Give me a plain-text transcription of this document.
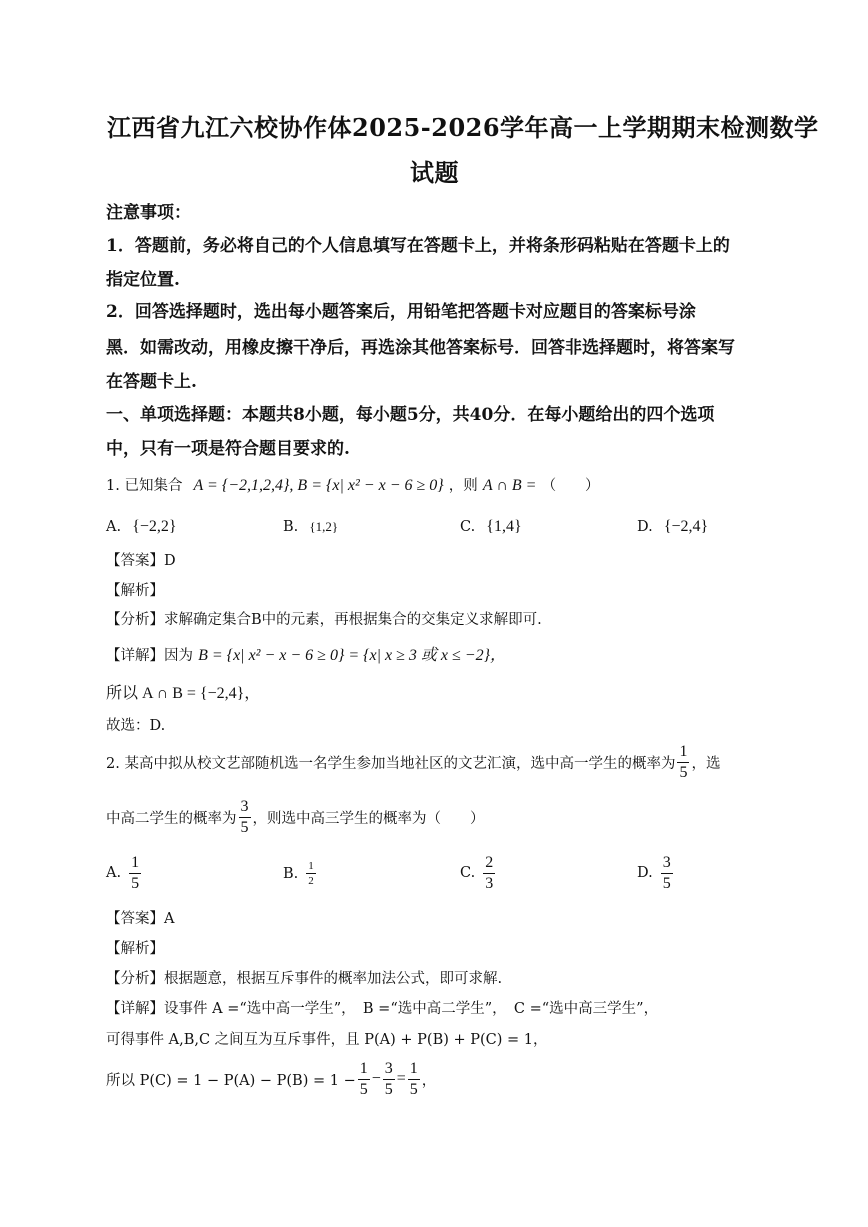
江西省九江六校协作体2025-2026学年高一上学期期末检测数学
试题
注意事项：
1．答题前，务必将自己的个人信息填写在答题卡上，并将条形码粘贴在答题卡上的
指定位置.
2．回答选择题时，选出每小题答案后，用铅笔把答题卡对应题目的答案标号涂
黑．如需改动，用橡皮擦干净后，再选涂其他答案标号．回答非选择题时，将答案写
在答题卡上.
一、单项选择题：本题共8小题，每小题5分，共40分．在每小题给出的四个选项
中，只有一项是符合题目要求的.
1. 已知集合 A = {−2,1,2,4}, B = {x| x² − x − 6 ≥ 0} ，则 A ∩ B = （　　）
A. {−2,2}	B. {1,2}	C. {1,4}	D. {−2,4}
【答案】D
【解析】
【分析】求解确定集合B中的元素，再根据集合的交集定义求解即可.
【详解】因为 B = {x| x² − x − 6 ≥ 0} = {x| x ≥ 3 或 x ≤ −2}，
所以 A ∩ B = {−2,4}，
故选：D.
2. 某高中拟从校文艺部随机选一名学生参加当地社区的文艺汇演，选中高一学生的概率为 $\frac{1}{5}$ ，选
中高二学生的概率为 $\frac{3}{5}$ ，则选中高三学生的概率为（　　）
A. $\frac{1}{5}$	B. $\frac{1}{2}$	C. $\frac{2}{3}$	D. $\frac{3}{5}$
【答案】A
【解析】
【分析】根据题意，根据互斥事件的概率加法公式，即可求解.
【详解】设事件 A =“选中高一学生”，　B =“选中高二学生”，　C =“选中高三学生”，
可得事件 A,B,C 之间互为互斥事件，且 P(A) + P(B) + P(C) = 1，
所以 $P(C) = 1 - P(A) - P(B) = 1 - \frac{1}{5} - \frac{3}{5} = \frac{1}{5}$ ，
